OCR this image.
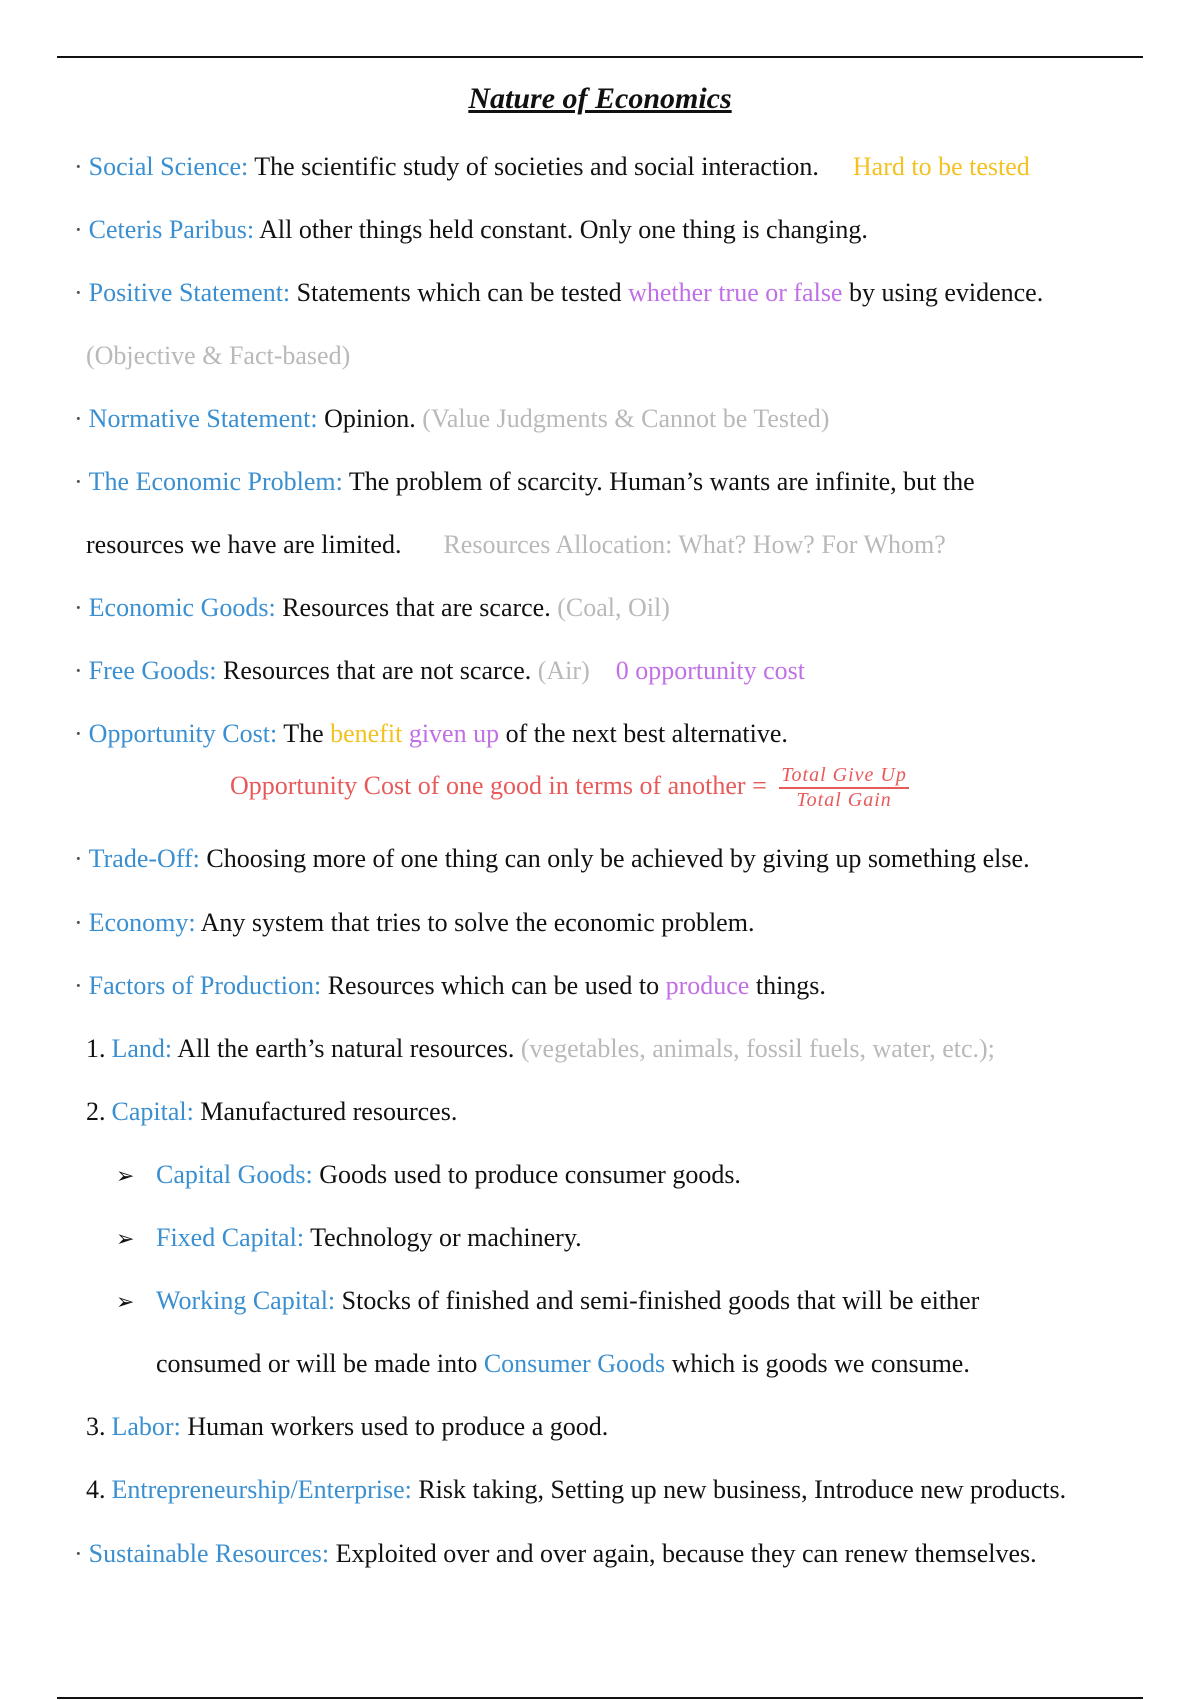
Nature of Economics
· Social Science: The scientific study of societies and social interaction. Hard to be tested
· Ceteris Paribus: All other things held constant. Only one thing is changing.
· Positive Statement: Statements which can be tested whether true or false by using evidence.
(Objective & Fact-based)
· Normative Statement: Opinion. (Value Judgments & Cannot be Tested)
· The Economic Problem: The problem of scarcity. Human’s wants are infinite, but the
resources we have are limited. Resources Allocation: What? How? For Whom?
· Economic Goods: Resources that are scarce. (Coal, Oil)
· Free Goods: Resources that are not scarce. (Air) 0 opportunity cost
· Opportunity Cost: The benefit given up of the next best alternative.
Opportunity Cost of one good in terms of another = $\frac{\text{Total Give Up}}{\text{Total Gain}}$
· Trade-Off: Choosing more of one thing can only be achieved by giving up something else.
· Economy: Any system that tries to solve the economic problem.
· Factors of Production: Resources which can be used to produce things.
1. Land: All the earth’s natural resources. (vegetables, animals, fossil fuels, water, etc.);
2. Capital: Manufactured resources.
➢ Capital Goods: Goods used to produce consumer goods.
➢ Fixed Capital: Technology or machinery.
➢ Working Capital: Stocks of finished and semi-finished goods that will be either
consumed or will be made into Consumer Goods which is goods we consume.
3. Labor: Human workers used to produce a good.
4. Entrepreneurship/Enterprise: Risk taking, Setting up new business, Introduce new products.
· Sustainable Resources: Exploited over and over again, because they can renew themselves.
